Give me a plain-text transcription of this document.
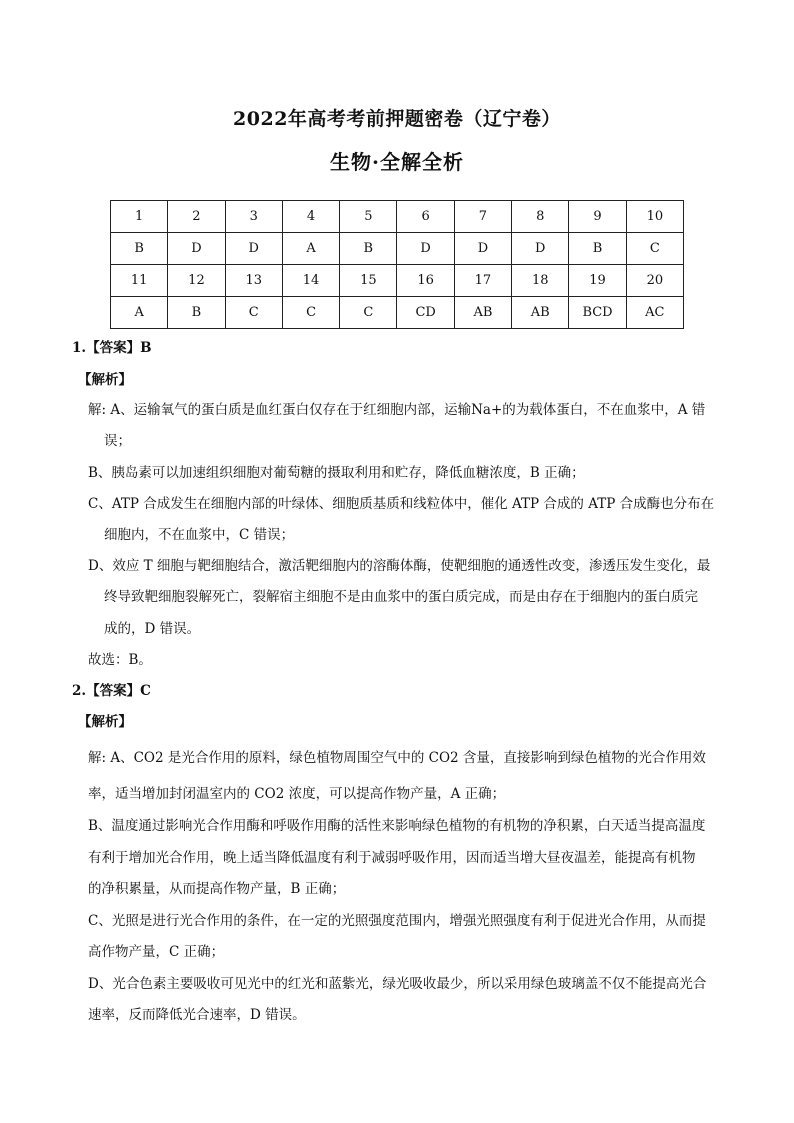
2022年高考考前押题密卷（辽宁卷）
生物·全解全析
1	2	3	4	5	6	7	8	9	10
B	D	D	A	B	D	D	D	B	C
11	12	13	14	15	16	17	18	19	20
A	B	C	C	C	CD	AB	AB	BCD	AC
1.【答案】B
【解析】
解: A、运输氧气的蛋白质是血红蛋白仅存在于红细胞内部，运输Na+的为载体蛋白，不在血浆中，A 错
误；
B、胰岛素可以加速组织细胞对葡萄糖的摄取利用和贮存，降低血糖浓度，B 正确；
C、ATP 合成发生在细胞内部的叶绿体、细胞质基质和线粒体中，催化 ATP 合成的 ATP 合成酶也分布在
细胞内，不在血浆中，C 错误；
D、效应 T 细胞与靶细胞结合，激活靶细胞内的溶酶体酶，使靶细胞的通透性改变，渗透压发生变化，最
终导致靶细胞裂解死亡，裂解宿主细胞不是由血浆中的蛋白质完成，而是由存在于细胞内的蛋白质完
成的，D 错误。
故选：B。
2.【答案】C
【解析】
解: A、CO2 是光合作用的原料，绿色植物周围空气中的 CO2 含量，直接影响到绿色植物的光合作用效
率，适当增加封闭温室内的 CO2 浓度，可以提高作物产量，A 正确；
B、温度通过影响光合作用酶和呼吸作用酶的活性来影响绿色植物的有机物的净积累，白天适当提高温度
有利于增加光合作用，晚上适当降低温度有利于减弱呼吸作用，因而适当增大昼夜温差，能提高有机物
的净积累量，从而提高作物产量，B 正确；
C、光照是进行光合作用的条件，在一定的光照强度范围内，增强光照强度有利于促进光合作用，从而提
高作物产量，C 正确；
D、光合色素主要吸收可见光中的红光和蓝紫光，绿光吸收最少，所以采用绿色玻璃盖不仅不能提高光合
速率，反而降低光合速率，D 错误。
